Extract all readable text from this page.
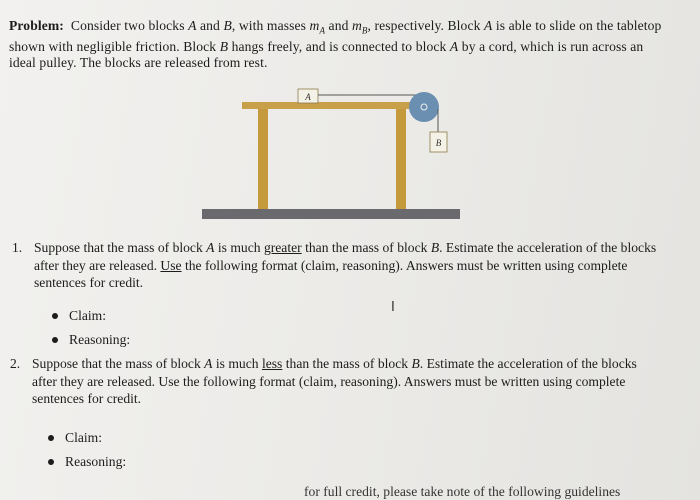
Problem:  Consider two blocks A and B, with masses $m_A$ and $m_B$, respectively. Block A is able to slide on the tabletop shown with negligible friction. Block B hangs freely, and is connected to block A by a cord, which is run across an ideal pulley. The blocks are released from rest.
A
B
1. Suppose that the mass of block A is much greater than the mass of block B. Estimate the acceleration of the blocks after they are released. Use the following format (claim, reasoning). Answers must be written using complete sentences for credit.
Claim:
Reasoning:
I
2. Suppose that the mass of block A is much less than the mass of block B. Estimate the acceleration of the blocks after they are released. Use the following format (claim, reasoning). Answers must be written using complete sentences for credit.
Claim:
Reasoning:
for full credit, please take note of the following guidelines
